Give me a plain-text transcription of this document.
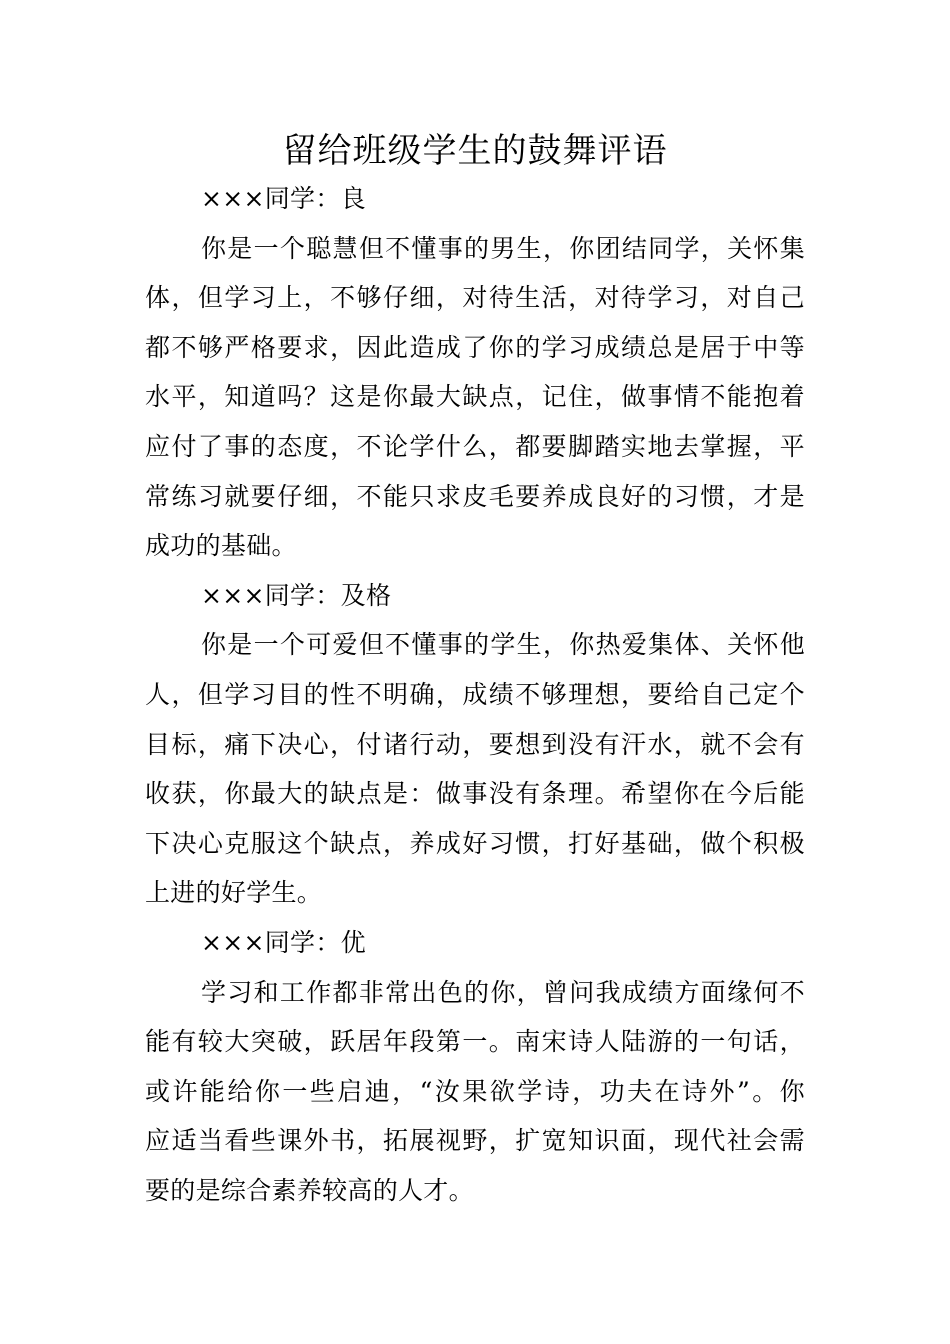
留给班级学生的鼓舞评语
×××同学：良
你是一个聪慧但不懂事的男生，你团结同学，关怀集
体，但学习上，不够仔细，对待生活，对待学习，对自己
都不够严格要求，因此造成了你的学习成绩总是居于中等
水平，知道吗？这是你最大缺点，记住，做事情不能抱着
应付了事的态度，不论学什么，都要脚踏实地去掌握，平
常练习就要仔细，不能只求皮毛要养成良好的习惯，才是
成功的基础。
×××同学：及格
你是一个可爱但不懂事的学生，你热爱集体、关怀他
人，但学习目的性不明确，成绩不够理想，要给自己定个
目标，痛下决心，付诸行动，要想到没有汗水，就不会有
收获，你最大的缺点是：做事没有条理。希望你在今后能
下决心克服这个缺点，养成好习惯，打好基础，做个积极
上进的好学生。
×××同学：优
学习和工作都非常出色的你，曾问我成绩方面缘何不
能有较大突破，跃居年段第一。南宋诗人陆游的一句话，
或许能给你一些启迪，“汝果欲学诗，功夫在诗外”。你
应适当看些课外书，拓展视野，扩宽知识面，现代社会需
要的是综合素养较高的人才。
